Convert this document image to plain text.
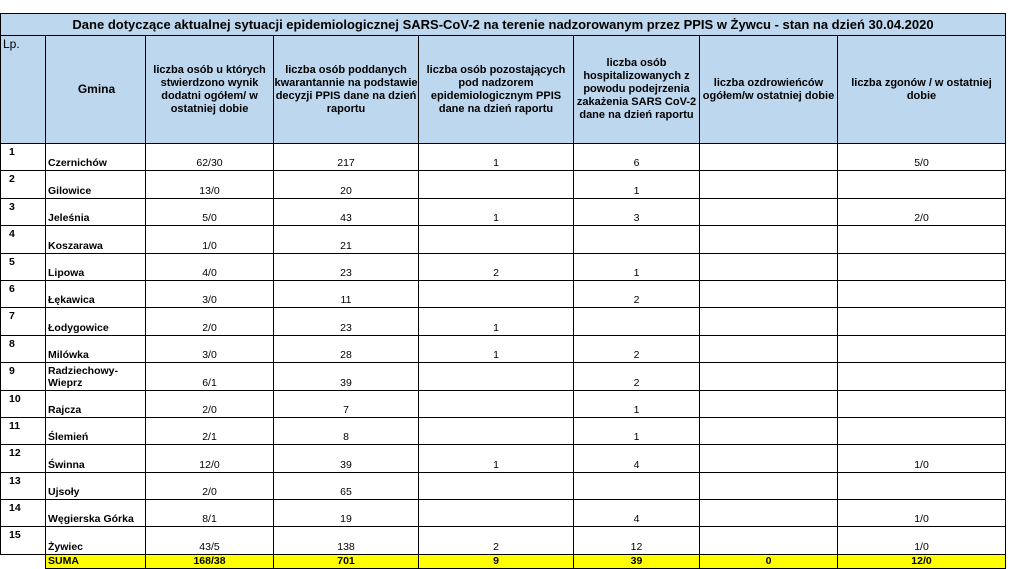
Dane dotyczące aktualnej sytuacji epidemiologicznej SARS-CoV-2 na terenie nadzorowanym przez PPIS w Żywcu - stan na dzień 30.04.2020							
Lp.	Gmina	liczba osób u których stwierdzono wynik dodatni ogółem/ w ostatniej dobie	liczba osób poddanych kwarantannie na podstawie decyzji PPIS dane na dzień raportu	liczba osób pozostających pod nadzorem epidemiologicznym PPIS dane na dzień raportu	liczba osób hospitalizowanych z powodu podejrzenia zakażenia SARS CoV-2 dane na dzień raportu	liczba ozdrowieńców ogółem/w ostatniej dobie	liczba zgonów / w ostatniej dobie
1	Czernichów	62/30	217	1	6		5/0
2	Gilowice	13/0	20		1		
3	Jeleśnia	5/0	43	1	3		2/0
4	Koszarawa	1/0	21				
5	Lipowa	4/0	23	2	1		
6	Łękawica	3/0	11		2		
7	Łodygowice	2/0	23	1			
8	Milówka	3/0	28	1	2		
9	Radziechowy-
Wieprz	6/1	39		2		
10	Rajcza	2/0	7		1		
11	Ślemień	2/1	8		1		
12	Świnna	12/0	39	1	4		1/0
13	Ujsoły	2/0	65				
14	Węgierska Górka	8/1	19		4		1/0
15	Żywiec	43/5	138	2	12		1/0
	SUMA	168/38	701	9	39	0	12/0
